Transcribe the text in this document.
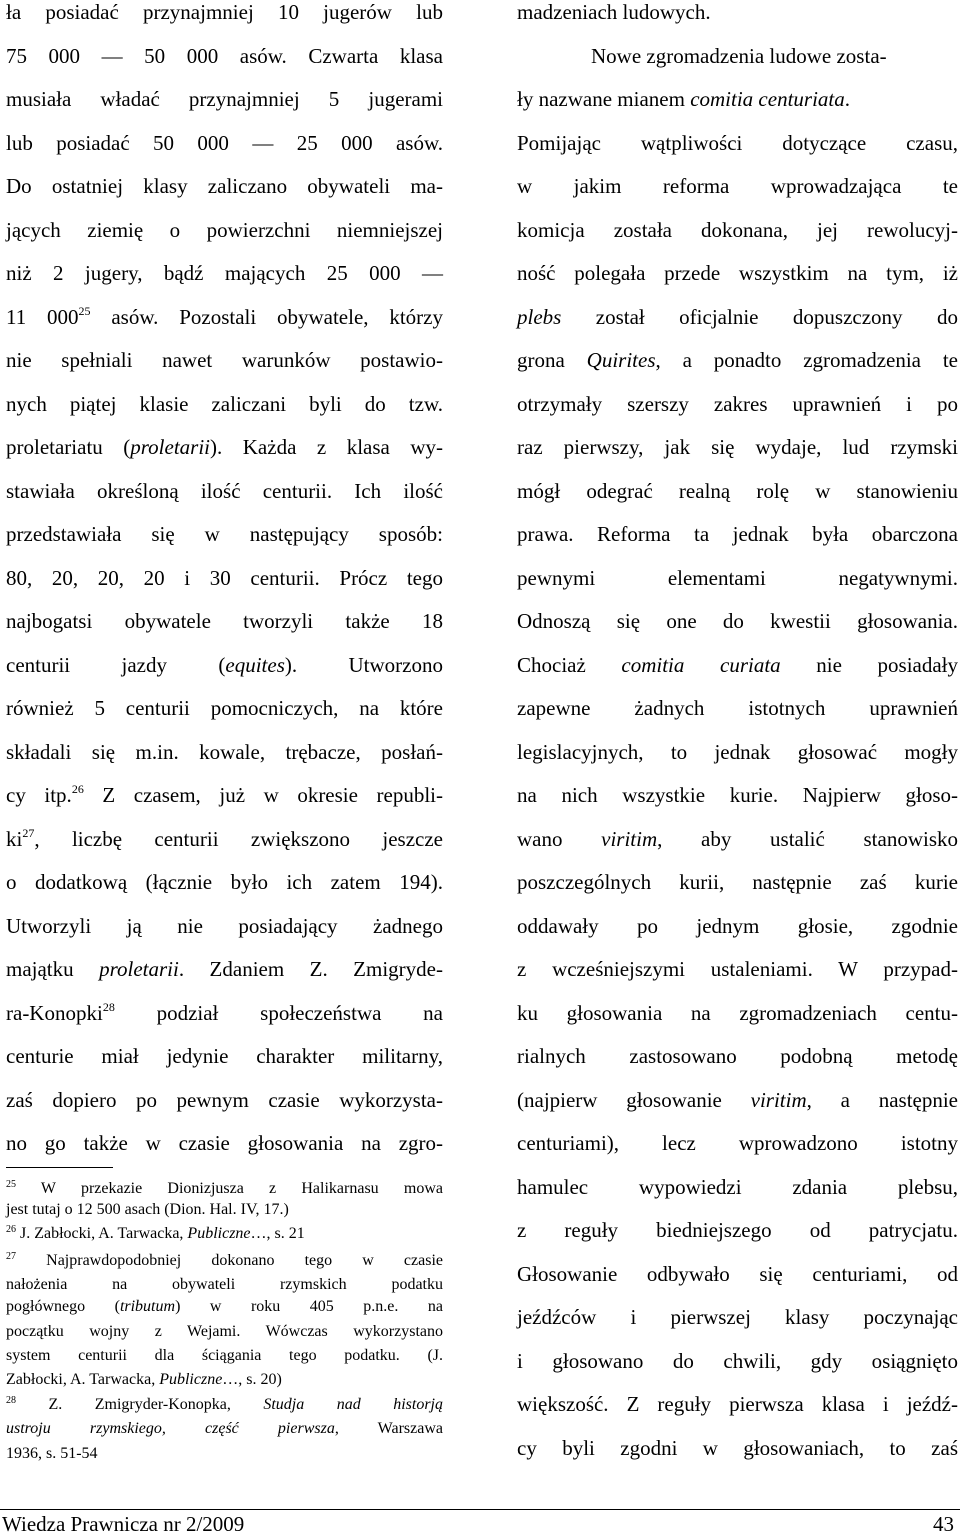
ła posiadać przynajmniej 10 jugerów lub
75 000 — 50 000 asów. Czwarta klasa
musiała władać przynajmniej 5 jugerami
lub posiadać 50 000 — 25 000 asów.
Do ostatniej klasy zaliczano obywateli ma-
jących ziemię o powierzchni niemniejszej
niż 2 jugery, bądź mających 25 000 —
11 $000^{25}$ asów. Pozostali obywatele, którzy
nie spełniali nawet warunków postawio-
nych piątej klasie zaliczani byli do tzw.
proletariatu (proletarii). Każda z klasa wy-
stawiała określoną ilość centurii. Ich ilość
przedstawiała się w następujący sposób:
80, 20, 20, 20 i 30 centurii. Prócz tego
najbogatsi obywatele tworzyli także 18
centurii jazdy (equites). Utworzono
również 5 centurii pomocniczych, na które
składali się m.in. kowale, trębacze, posłań-
cy itp.$^{26}$ Z czasem, już w okresie republi-
$ki^{27}$, liczbę centurii zwiększono jeszcze
o dodatkową (łącznie było ich zatem 194).
Utworzyli ją nie posiadający żadnego
majątku proletarii. Zdaniem Z. Zmigryde-
ra-Konopki$^{28}$ podział społeczeństwa na
centurie miał jedynie charakter militarny,
zaś dopiero po pewnym czasie wykorzysta-
no go także w czasie głosowania na zgro-
$^{25}$ W przekazie Dionizjusza z Halikarnasu mowa
jest tutaj o 12 500 asach (Dion. Hal. IV, 17.)
$^{26}$ J. Zabłocki, A. Tarwacka, Publiczne…, s. 21
$^{27}$ Najprawdopodobniej dokonano tego w czasie
nałożenia na obywateli rzymskich podatku
pogłównego (tributum) w roku 405 p.n.e. na
początku wojny z Wejami. Wówczas wykorzystano
system centurii dla ściągania tego podatku. (J.
Zabłocki, A. Tarwacka, Publiczne…, s. 20)
$^{28}$ Z. Zmigryder-Konopka, Studja nad historją
ustroju rzymskiego, część pierwsza, Warszawa
1936, s. 51-54
madzeniach ludowych.
Nowe zgromadzenia ludowe zosta-
ły nazwane mianem comitia centuriata.
Pomijając wątpliwości dotyczące czasu,
w jakim reforma wprowadzająca te
komicja została dokonana, jej rewolucyj-
ność polegała przede wszystkim na tym, iż
plebs został oficjalnie dopuszczony do
grona Quirites, a ponadto zgromadzenia te
otrzymały szerszy zakres uprawnień i po
raz pierwszy, jak się wydaje, lud rzymski
mógł odegrać realną rolę w stanowieniu
prawa. Reforma ta jednak była obarczona
pewnymi elementami negatywnymi.
Odnoszą się one do kwestii głosowania.
Chociaż comitia curiata nie posiadały
zapewne żadnych istotnych uprawnień
legislacyjnych, to jednak głosować mogły
na nich wszystkie kurie. Najpierw głoso-
wano viritim, aby ustalić stanowisko
poszczególnych kurii, następnie zaś kurie
oddawały po jednym głosie, zgodnie
z wcześniejszymi ustaleniami. W przypad-
ku głosowania na zgromadzeniach centu-
rialnych zastosowano podobną metodę
(najpierw głosowanie viritim, a następnie
centuriami), lecz wprowadzono istotny
hamulec wypowiedzi zdania plebsu,
z reguły biedniejszego od patrycjatu.
Głosowanie odbywało się centuriami, od
jeźdźców i pierwszej klasy poczynając
i głosowano do chwili, gdy osiągnięto
większość. Z reguły pierwsza klasa i jeźdź-
cy byli zgodni w głosowaniach, to zaś
Wiedza Prawnicza nr 2/2009	43
